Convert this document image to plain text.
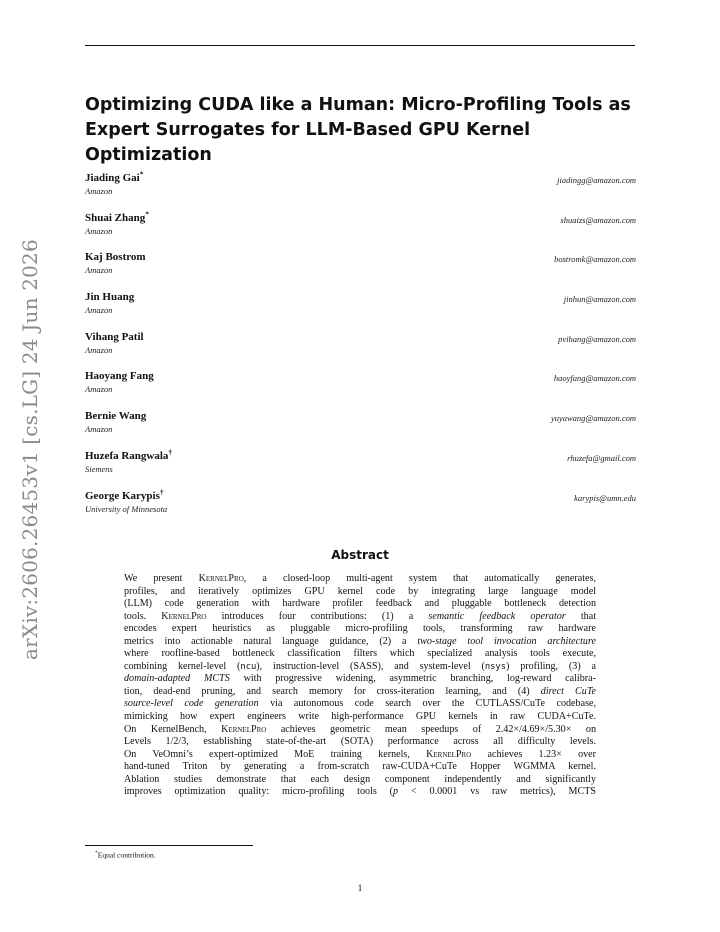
arXiv:2606.26453v1 [cs.LG] 24 Jun 2026
Optimizing CUDA like a Human: Micro-Profiling Tools as
Expert Surrogates for LLM-Based GPU Kernel Optimization
Jiading Gai*
Amazon
jiadingg@amazon.com
Shuai Zhang*
Amazon
shuaizs@amazon.com
Kaj Bostrom
Amazon
bostromk@amazon.com
Jin Huang
Amazon
jinhun@amazon.com
Vihang Patil
Amazon
pvihang@amazon.com
Haoyang Fang
Amazon
haoyfang@amazon.com
Bernie Wang
Amazon
yuyawang@amazon.com
Huzefa Rangwala†
Siemens
rhuzefa@gmail.com
George Karypis†
University of Minnesota
karypis@umn.edu
Abstract
We present KernelPro, a closed-loop multi-agent system that automatically generates,
profiles, and iteratively optimizes GPU kernel code by integrating large language model
(LLM) code generation with hardware profiler feedback and pluggable bottleneck detection
tools. KernelPro introduces four contributions: (1) a semantic feedback operator that
encodes expert heuristics as pluggable micro-profiling tools, transforming raw hardware
metrics into actionable natural language guidance, (2) a two-stage tool invocation architecture
where roofline-based bottleneck classification filters which specialized analysis tools execute,
combining kernel-level (ncu), instruction-level (SASS), and system-level (nsys) profiling, (3) a
domain-adapted MCTS with progressive widening, asymmetric branching, log-reward calibra-
tion, dead-end pruning, and search memory for cross-iteration learning, and (4) direct CuTe
source-level code generation via autonomous code search over the CUTLASS/CuTe codebase,
mimicking how expert engineers write high-performance GPU kernels in raw CUDA+CuTe.
On KernelBench, KernelPro achieves geometric mean speedups of 2.42×/4.69×/5.30× on
Levels 1/2/3, establishing state-of-the-art (SOTA) performance across all difficulty levels.
On VeOmni’s expert-optimized MoE training kernels, KernelPro achieves 1.23× over
hand-tuned Triton by generating a from-scratch raw-CUDA+CuTe Hopper WGMMA kernel.
Ablation studies demonstrate that each design component independently and significantly
improves optimization quality: micro-profiling tools (p < 0.0001 vs raw metrics), MCTS
*Equal contribution.
1
